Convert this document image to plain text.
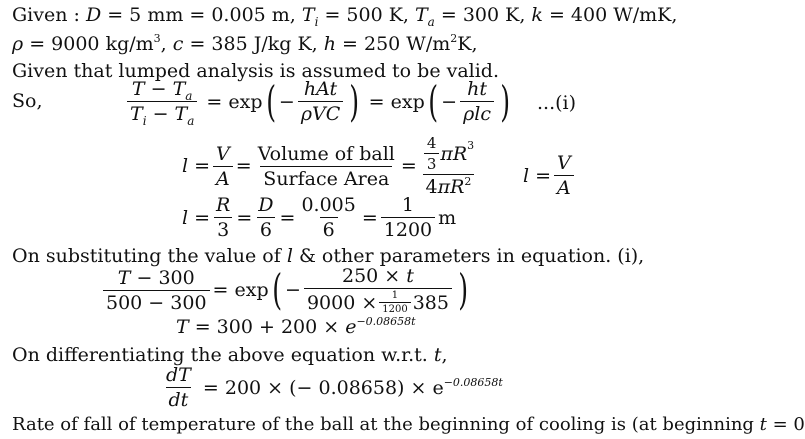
Given : D = 5 mm = 0.005 m, $T_i = 500$ K, $T_a = 300$ K, k = 400 W/mK,
ρ = 9000 $kg/m^3$, c = 385 J/kg K, h = 250 $W/m^2K$,
Given that lumped analysis is assumed to be valid.
So,	$\frac{T - T_a}{T_i - T_a} = \exp$ ( − $\frac{\text{hAt}}{\text{ρVC}}$ ) = exp ( − $\frac{ht}{\text{ρlc}}$ ) ...(i)
$l = \frac{V}{A} = \frac{\text{Volume of ball}}{\text{Surface Area}} = \frac{\frac{4}{3} \pi R 3}{4\pi R^2}$ $l = \frac{V}{A}$
$l = \frac{R}{3} = \frac{D}{6} = \frac{0.005}{6} = \frac{1}{1200}$ m
On substituting the value of l & other parameters in equation. (i),
$\frac{T - 300}{500 - 300} = \exp$ ( − $\frac{250 \times t}{9000 \times \frac{1}{1200} 385}$ )
$T = 300 + 200 \times e^{-0.08658t}$
On differentiating the above equation w.r.t. t,
$\frac{dT}{dt} = 200$ × (− $0.08658) \times e^{-0.08658t}$
Rate of fall of temperature of the ball at the beginning of cooling is (at beginning t = 0
